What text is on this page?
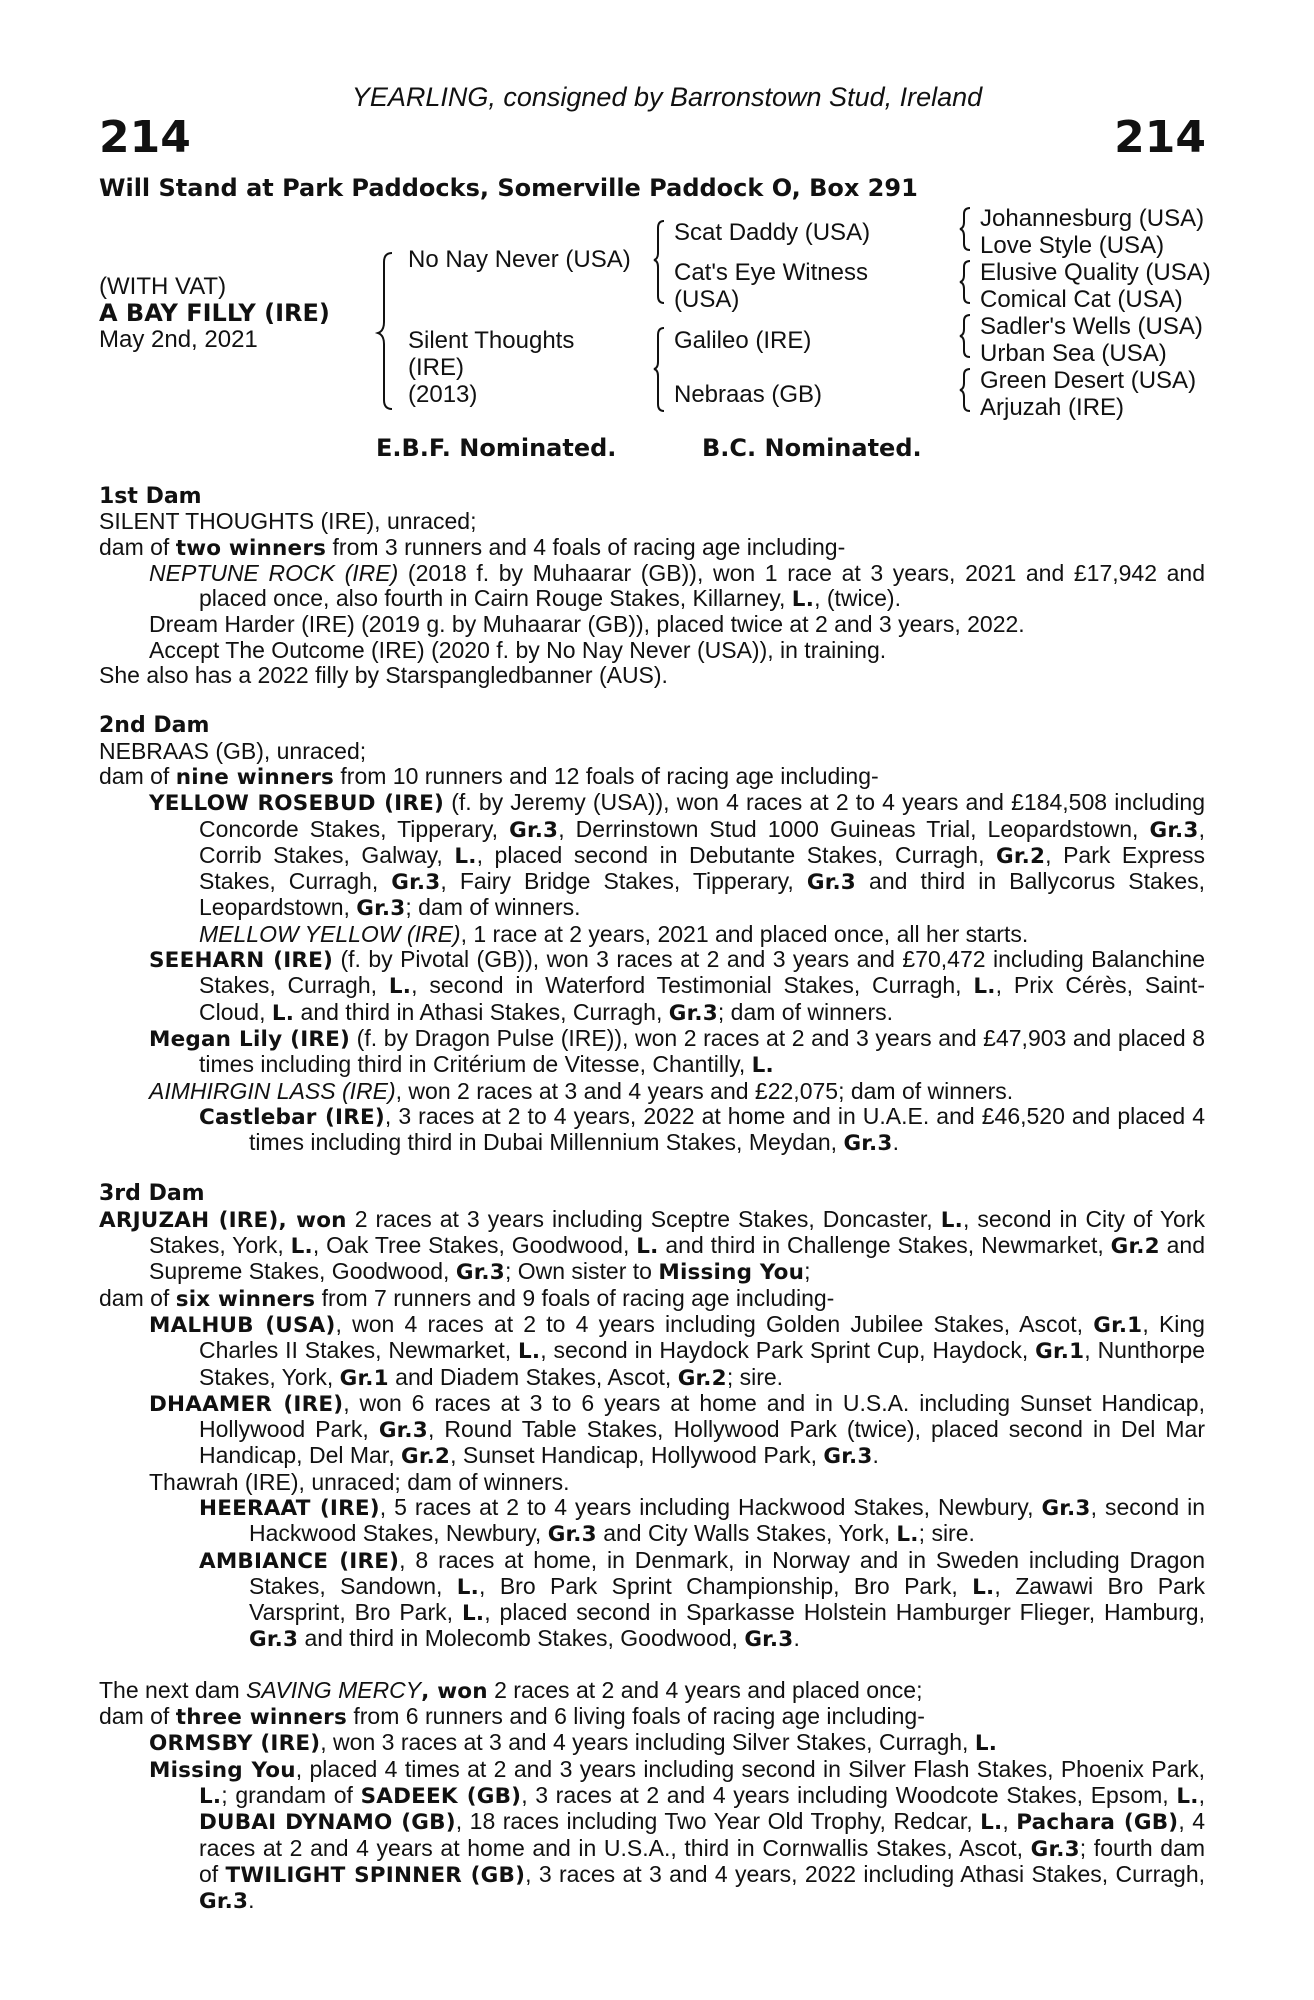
214
YEARLING, consigned by Barronstown Stud, Ireland
214
Will Stand at Park Paddocks, Somerville Paddock O, Box 291
(WITH VAT)
A BAY FILLY (IRE)
May 2nd, 2021
No Nay Never (USA)
Silent Thoughts
(IRE)
(2013)
Scat Daddy (USA)
Cat's Eye Witness
(USA)
Galileo (IRE)
Nebraas (GB)
Johannesburg (USA)
Love Style (USA)
Elusive Quality (USA)
Comical Cat (USA)
Sadler's Wells (USA)
Urban Sea (USA)
Green Desert (USA)
Arjuzah (IRE)
E.B.F. Nominated.	B.C. Nominated.

1st Dam

SILENT THOUGHTS (IRE), unraced;

dam of two winners from 3 runners and 4 foals of racing age including-

NEPTUNE ROCK (IRE) (2018 f. by Muhaarar (GB)), won 1 race at 3 years, 2021 and £17,942 and placed once, also fourth in Cairn Rouge Stakes, Killarney, L., (twice).

Dream Harder (IRE) (2019 g. by Muhaarar (GB)), placed twice at 2 and 3 years, 2022.

Accept The Outcome (IRE) (2020 f. by No Nay Never (USA)), in training.

She also has a 2022 filly by Starspangledbanner (AUS).

2nd Dam

NEBRAAS (GB), unraced;

dam of nine winners from 10 runners and 12 foals of racing age including-

YELLOW ROSEBUD (IRE) (f. by Jeremy (USA)), won 4 races at 2 to 4 years and £184,508 including Concorde Stakes, Tipperary, Gr.3, Derrinstown Stud 1000 Guineas Trial, Leopardstown, Gr.3, Corrib Stakes, Galway, L., placed second in Debutante Stakes, Curragh, Gr.2, Park Express Stakes, Curragh, Gr.3, Fairy Bridge Stakes, Tipperary, Gr.3 and third in Ballycorus Stakes, Leopardstown, Gr.3; dam of winners.

MELLOW YELLOW (IRE), 1 race at 2 years, 2021 and placed once, all her starts.

SEEHARN (IRE) (f. by Pivotal (GB)), won 3 races at 2 and 3 years and £70,472 including Balanchine Stakes, Curragh, L., second in Waterford Testimonial Stakes, Curragh, L., Prix Cérès, Saint-Cloud, L. and third in Athasi Stakes, Curragh, Gr.3; dam of winners.

Megan Lily (IRE) (f. by Dragon Pulse (IRE)), won 2 races at 2 and 3 years and £47,903 and placed 8 times including third in Critérium de Vitesse, Chantilly, L.

AIMHIRGIN LASS (IRE), won 2 races at 3 and 4 years and £22,075; dam of winners.

Castlebar (IRE), 3 races at 2 to 4 years, 2022 at home and in U.A.E. and £46,520 and placed 4 times including third in Dubai Millennium Stakes, Meydan, Gr.3.

3rd Dam

ARJUZAH (IRE), won 2 races at 3 years including Sceptre Stakes, Doncaster, L., second in City of York Stakes, York, L., Oak Tree Stakes, Goodwood, L. and third in Challenge Stakes, Newmarket, Gr.2 and Supreme Stakes, Goodwood, Gr.3; Own sister to Missing You;

dam of six winners from 7 runners and 9 foals of racing age including-

MALHUB (USA), won 4 races at 2 to 4 years including Golden Jubilee Stakes, Ascot, Gr.1, King Charles II Stakes, Newmarket, L., second in Haydock Park Sprint Cup, Haydock, Gr.1, Nunthorpe Stakes, York, Gr.1 and Diadem Stakes, Ascot, Gr.2; sire.

DHAAMER (IRE), won 6 races at 3 to 6 years at home and in U.S.A. including Sunset Handicap, Hollywood Park, Gr.3, Round Table Stakes, Hollywood Park (twice), placed second in Del Mar Handicap, Del Mar, Gr.2, Sunset Handicap, Hollywood Park, Gr.3.

Thawrah (IRE), unraced; dam of winners.

HEERAAT (IRE), 5 races at 2 to 4 years including Hackwood Stakes, Newbury, Gr.3, second in Hackwood Stakes, Newbury, Gr.3 and City Walls Stakes, York, L.; sire.

AMBIANCE (IRE), 8 races at home, in Denmark, in Norway and in Sweden including Dragon Stakes, Sandown, L., Bro Park Sprint Championship, Bro Park, L., Zawawi Bro Park Varsprint, Bro Park, L., placed second in Sparkasse Holstein Hamburger Flieger, Hamburg, Gr.3 and third in Molecomb Stakes, Goodwood, Gr.3.

The next dam SAVING MERCY, won 2 races at 2 and 4 years and placed once;

dam of three winners from 6 runners and 6 living foals of racing age including-

ORMSBY (IRE), won 3 races at 3 and 4 years including Silver Stakes, Curragh, L.

Missing You, placed 4 times at 2 and 3 years including second in Silver Flash Stakes, Phoenix Park, L.; grandam of SADEEK (GB), 3 races at 2 and 4 years including Woodcote Stakes, Epsom, L., DUBAI DYNAMO (GB), 18 races including Two Year Old Trophy, Redcar, L., Pachara (GB), 4 races at 2 and 4 years at home and in U.S.A., third in Cornwallis Stakes, Ascot, Gr.3; fourth dam of TWILIGHT SPINNER (GB), 3 races at 3 and 4 years, 2022 including Athasi Stakes, Curragh, Gr.3.
